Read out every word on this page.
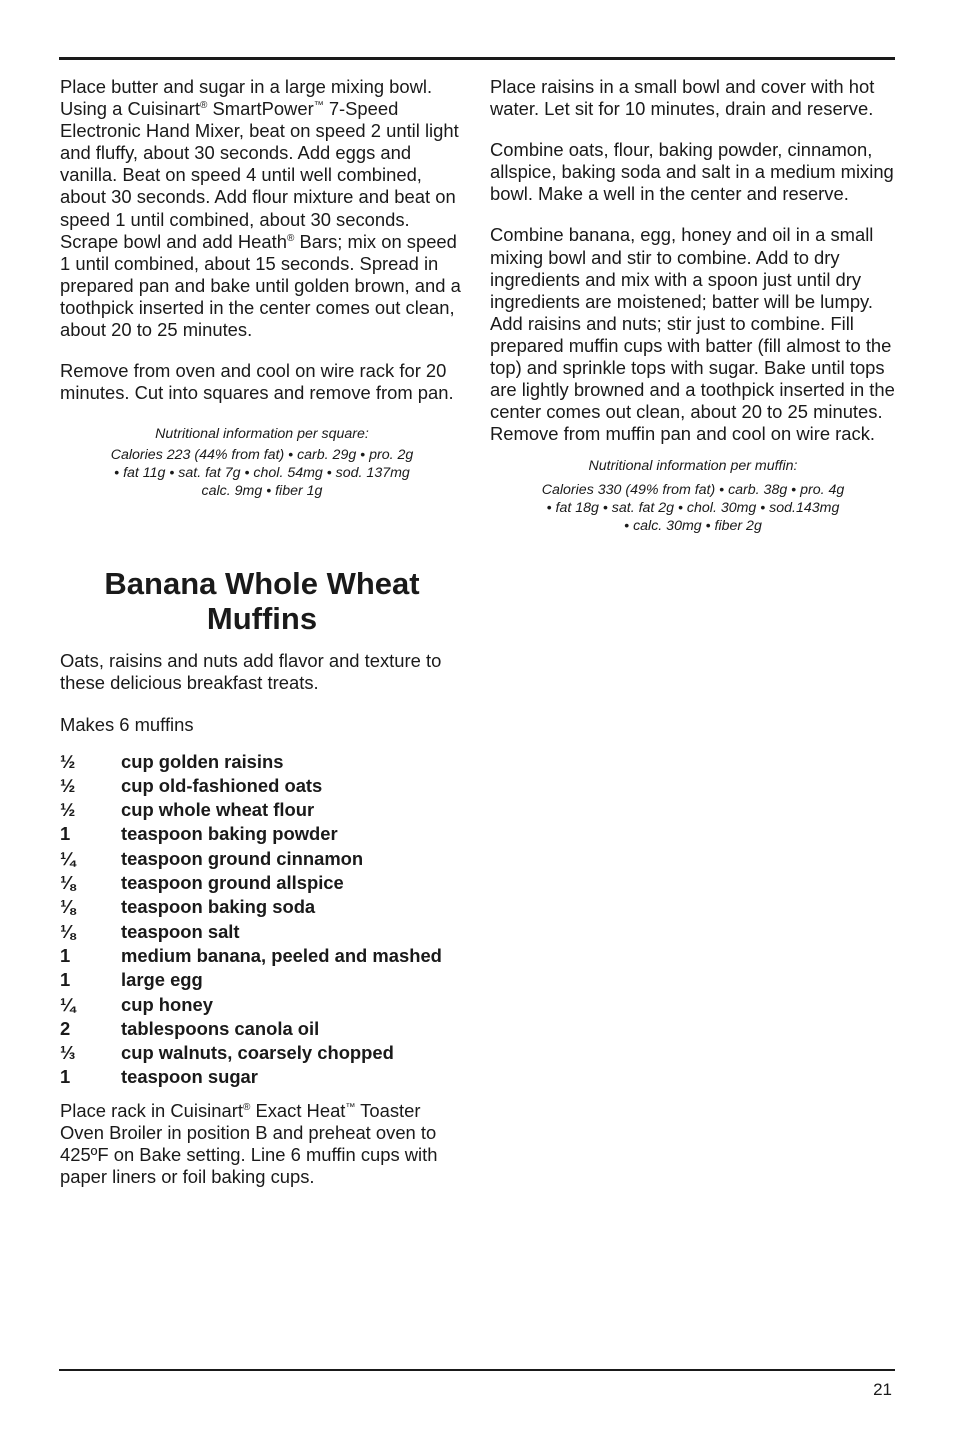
Place butter and sugar in a large mixing bowl. Using a Cuisinart® SmartPower™ 7-Speed Electronic Hand Mixer, beat on speed 2 until light and fluffy, about 30 seconds. Add eggs and vanilla. Beat on speed 4 until well combined, about 30 seconds. Add flour mixture and beat on speed 1 until combined, about 30 seconds. Scrape bowl and add Heath® Bars; mix on speed 1 until combined, about 15 seconds. Spread in prepared pan and bake until golden brown, and a toothpick inserted in the center comes out clean, about 20 to 25 minutes.

Remove from oven and cool on wire rack for 20 minutes. Cut into squares and remove from pan.

Nutritional information per square:

Calories 223 (44% from fat) • carb. 29g • pro. 2g

• fat 11g • sat. fat 7g • chol. 54mg • sod. 137mg

calc. 9mg • fiber 1g

Banana Whole Wheat
Muffins

Oats, raisins and nuts add flavor and texture to these delicious breakfast treats.

Makes 6 muffins

½	cup golden raisins
½	cup old-fashioned oats
½	cup whole wheat flour
1	teaspoon baking powder
¼	teaspoon ground cinnamon
⅛	teaspoon ground allspice
⅛	teaspoon baking soda
⅛	teaspoon salt
1	medium banana, peeled and mashed
1	large egg
¼	cup honey
2	tablespoons canola oil
⅓	cup walnuts, coarsely chopped
1	teaspoon sugar

Place rack in Cuisinart® Exact Heat™ Toaster Oven Broiler in position B and preheat oven to 425ºF on Bake setting. Line 6 muffin cups with paper liners or foil baking cups.

Place raisins in a small bowl and cover with hot water. Let sit for 10 minutes, drain and reserve.

Combine oats, flour, baking powder, cinnamon, allspice, baking soda and salt in a medium mixing bowl. Make a well in the center and reserve.

Combine banana, egg, honey and oil in a small mixing bowl and stir to combine. Add to dry ingredients and mix with a spoon just until dry ingredients are moistened; batter will be lumpy. Add raisins and nuts; stir just to combine. Fill prepared muffin cups with batter (fill almost to the top) and sprinkle tops with sugar. Bake until tops are lightly browned and a toothpick inserted in the center comes out clean, about 20 to 25 minutes. Remove from muffin pan and cool on wire rack.

Nutritional information per muffin:

Calories 330 (49% from fat) • carb. 38g • pro. 4g

• fat 18g • sat. fat 2g • chol. 30mg • sod.143mg

• calc. 30mg • fiber 2g

21
